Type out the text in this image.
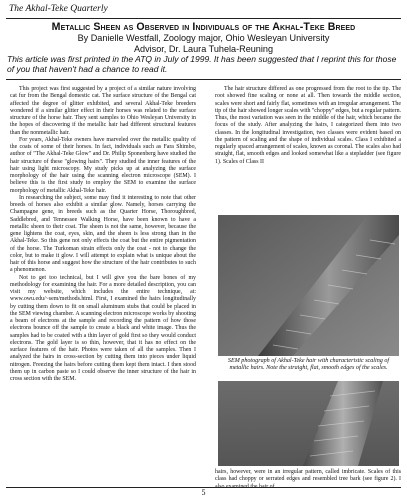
The Akhal-Teke Quarterly
Metallic Sheen as Observed in Individuals of the Akhal-Teke Breed
By Danielle Westfall, Zoology major, Ohio Wesleyan University
Advisor, Dr. Laura Tuhela-Reuning
This article was first printed in the ATQ in July of 1999. It has been suggested that I reprint this for those of you that haven't had a chance to read it.

This project was first suggested by a project of a similar nature involving cat fur from the Bengal domestic cat. The surface structure of the Bengal cat affected the degree of glitter exhibited, and several Akhal-Teke breeders wondered if a similar glitter effect in their horses was related to the surface structure of the horse hair. They sent samples to Ohio Wesleyan University in the hopes of discovering if the metallic hair had different structural features than the nonmetallic hair.

For years, Akhal-Teke owners have marveled over the metallic quality of the coats of some of their horses. In fact, individuals such as Fara Shimbo, author of "The Akhal-Teke Glow" and Dr. Philip Sponenberg have studied the hair structure of these "glowing hairs". They studied the inner features of the hair using light microscopy. My study picks up at analyzing the surface morphology of the hair using the scanning electron microscope (SEM). I believe this is the first study to employ the SEM to examine the surface morphology of metallic Akhal-Teke hair.

In researching the subject, some may find it interesting to note that other breeds of horses also exhibit a similar glow. Namely, horses carrying the Champagne gene, in breeds such as the Quarter Horse, Thoroughbred, Saddlebred, and Tennessee Walking Horse, have been known to have a metallic sheen to their coat. The sheen is not the same, however, because the gene lightens the coat, eyes, skin, and the sheen is less strong than in the Akhal-Teke. So this gene not only effects the coat but the entire pigmentation of the horse. The Turkoman strain effects only the coat - not to change the color, but to make it glow. I will attempt to explain what is unique about the hair of this horse and suggest how the structure of the hair contributes to such a phenomenon.

Not to get too technical, but I will give you the bare bones of my methodology for examining the hair. For a more detailed description, you can visit my website, which includes the entire technique, at: www.owu.edu/~sem/methods.html. First, I examined the hairs longitudinally by cutting them down to fit on small aluminum stubs that could be placed in the SEM viewing chamber. A scanning electron microscope works by shooting a beam of electrons at the sample and recording the pattern of how those electrons bounce off the sample to create a black and white image. Thus the samples had to be coated with a thin layer of gold first so they would conduct electrons. The gold layer is so thin, however, that it has no effect on the surface features of the hair. Photos were taken of all the samples. Then I analyzed the hairs in cross-section by cutting them into pieces under liquid nitrogen. Freezing the hairs before cutting them kept them intact. I then stood them up in carbon paste so I could observe the inner structure of the hair in cross section with the SEM.

The hair structure differed as one progressed from the root to the tip. The root showed fine scaling or none at all. Then towards the middle section, scales were short and fairly flat, sometimes with an irregular arrangement. The tip of the hair showed longer scales with "choppy" edges, but a regular pattern. Thus, the most variation was seen in the middle of the hair, which became the focus of the study. After analyzing the hairs, I categorized them into two classes. In the longitudinal investigation, two classes were evident based on the pattern of scaling and the shape of individual scales. Class I exhibited a regularly spaced arrangement of scales, known as coronal. The scales also had straight, flat, smooth edges and looked somewhat like a stepladder (see figure 1). Scales of Class II

SEM photograph of Akhal-Teke hair with characteristic scaling of metallic hairs. Note the straight, flat, smooth edges of the scales.

hairs, however, were in an irregular pattern, called imbricate. Scales of this class had choppy or serrated edges and resembled tree bark (see figure 2). I also examined the hair of

5
